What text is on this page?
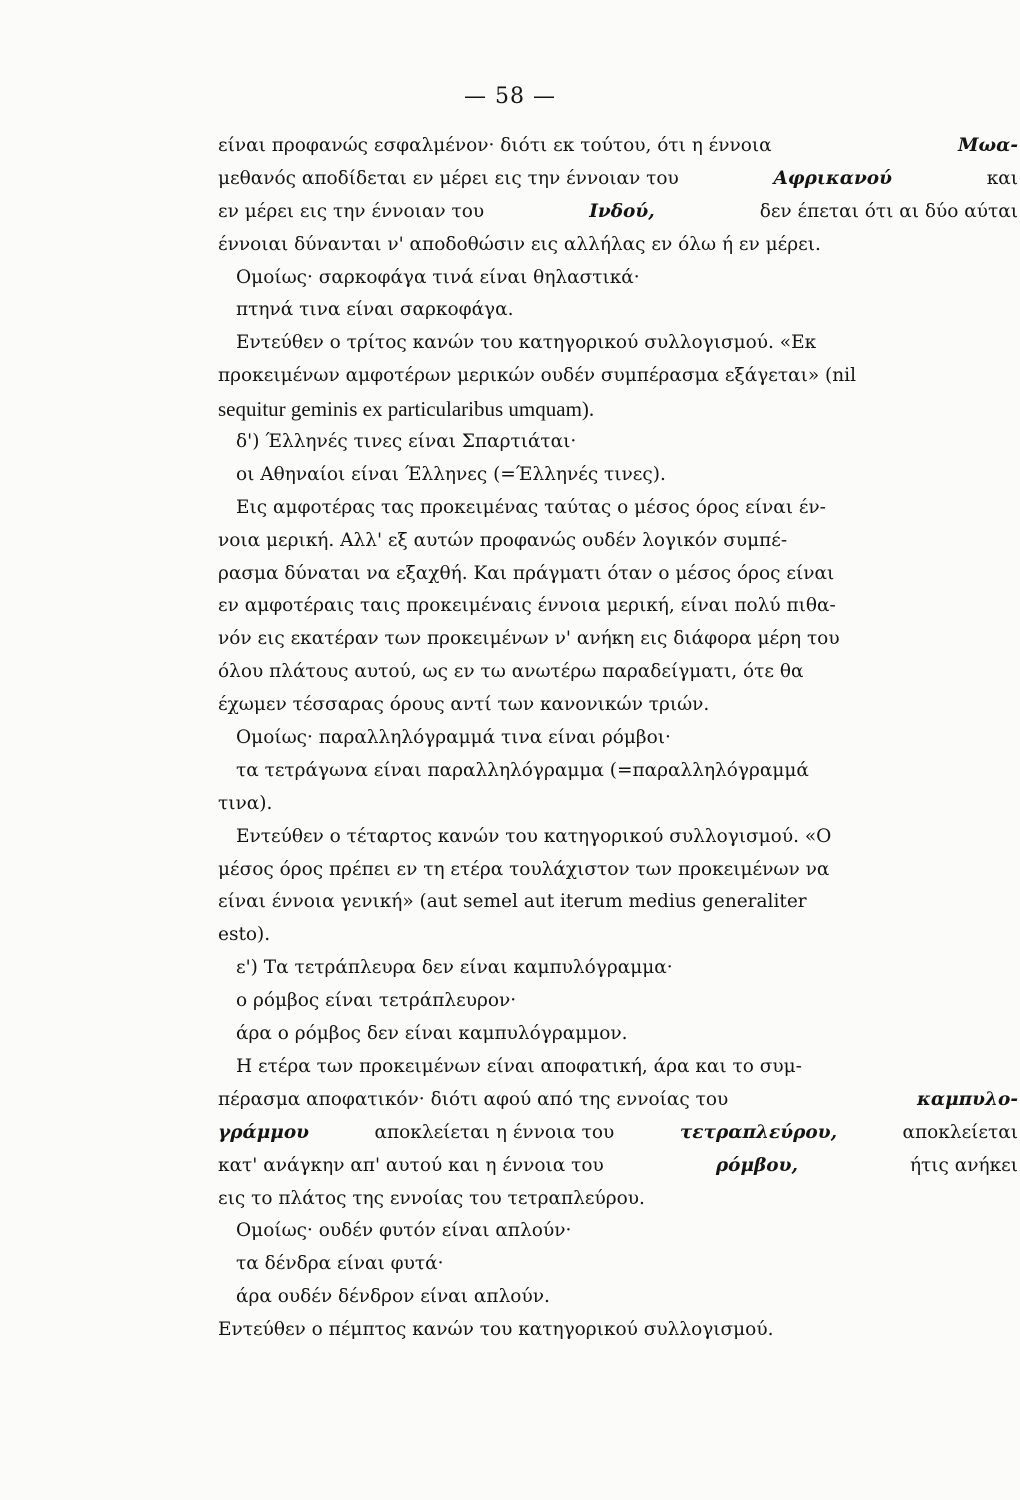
— 58 —
είναι προφανώς εσφαλμένον· διότι εκ τούτου, ότι η έννοια	Μωα-
μεθανός αποδίδεται εν μέρει εις την έννοιαν του	Αφρικανού	και
εν μέρει εις την έννοιαν του	Ινδού,	δεν έπεται ότι αι δύο αύται
έννοιαι δύνανται ν' αποδοθώσιν εις αλλήλας εν όλω ή εν μέρει.
Ομοίως· σαρκοφάγα τινά είναι θηλαστικά·
πτηνά τινα είναι σαρκοφάγα.
Εντεύθεν ο τρίτος κανών του κατηγορικού συλλογισμού. «Εκ
προκειμένων αμφοτέρων μερικών ουδέν συμπέρασμα εξάγεται» (nil
sequitur geminis ex particularibus umquam).
δ') Έλληνές τινες είναι Σπαρτιάται·
οι Αθηναίοι είναι Έλληνες (=Έλληνές τινες).
Εις αμφοτέρας τας προκειμένας ταύτας ο μέσος όρος είναι έν-
νοια μερική. Αλλ' εξ αυτών προφανώς ουδέν λογικόν συμπέ-
ρασμα δύναται να εξαχθή. Και πράγματι όταν ο μέσος όρος είναι
εν αμφοτέραις ταις προκειμέναις έννοια μερική, είναι πολύ πιθα-
νόν εις εκατέραν των προκειμένων ν' ανήκη εις διάφορα μέρη του
όλου πλάτους αυτού, ως εν τω ανωτέρω παραδείγματι, ότε θα
έχωμεν τέσσαρας όρους αντί των κανονικών τριών.
Ομοίως· παραλληλόγραμμά τινα είναι ρόμβοι·
τα τετράγωνα είναι παραλληλόγραμμα (=παραλληλόγραμμά
τινα).
Εντεύθεν ο τέταρτος κανών του κατηγορικού συλλογισμού. «Ο
μέσος όρος πρέπει εν τη ετέρα τουλάχιστον των προκειμένων να
είναι έννοια γενική» (aut semel aut iterum medius generaliter
esto).
ε') Τα τετράπλευρα δεν είναι καμπυλόγραμμα·
ο ρόμβος είναι τετράπλευρον·
άρα ο ρόμβος δεν είναι καμπυλόγραμμον.
Η ετέρα των προκειμένων είναι αποφατική, άρα και το συμ-
πέρασμα αποφατικόν· διότι αφού από της εννοίας του	καμπυλο-
γράμμου	αποκλείεται η έννοια του	τετραπλεύρου,	αποκλείεται
κατ' ανάγκην απ' αυτού και η έννοια του	ρόμβου,	ήτις ανήκει
εις το πλάτος της εννοίας του τετραπλεύρου.
Ομοίως· ουδέν φυτόν είναι απλούν·
τα δένδρα είναι φυτά·
άρα ουδέν δένδρον είναι απλούν.
Εντεύθεν ο πέμπτος κανών του κατηγορικού συλλογισμού.
